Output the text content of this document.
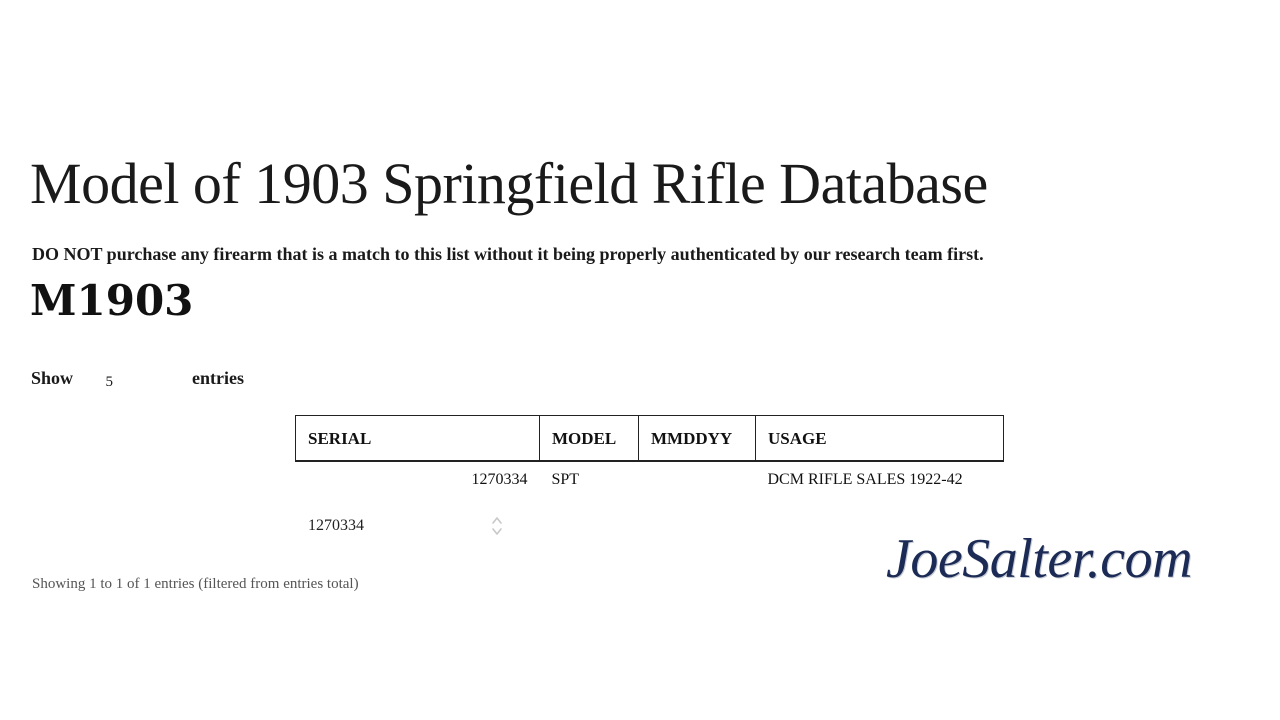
Model of 1903 Springfield Rifle Database

DO NOT purchase any firearm that is a match to this list without it being properly authenticated by our research team first.

M1903
Show 5	entries
SERIAL	MODEL	MMDDYY	USAGE
1270334	SPT		DCM RIFLE SALES 1922-42
1270334
JoeSalter.com
Showing 1 to 1 of 1 entries (filtered from entries total)
